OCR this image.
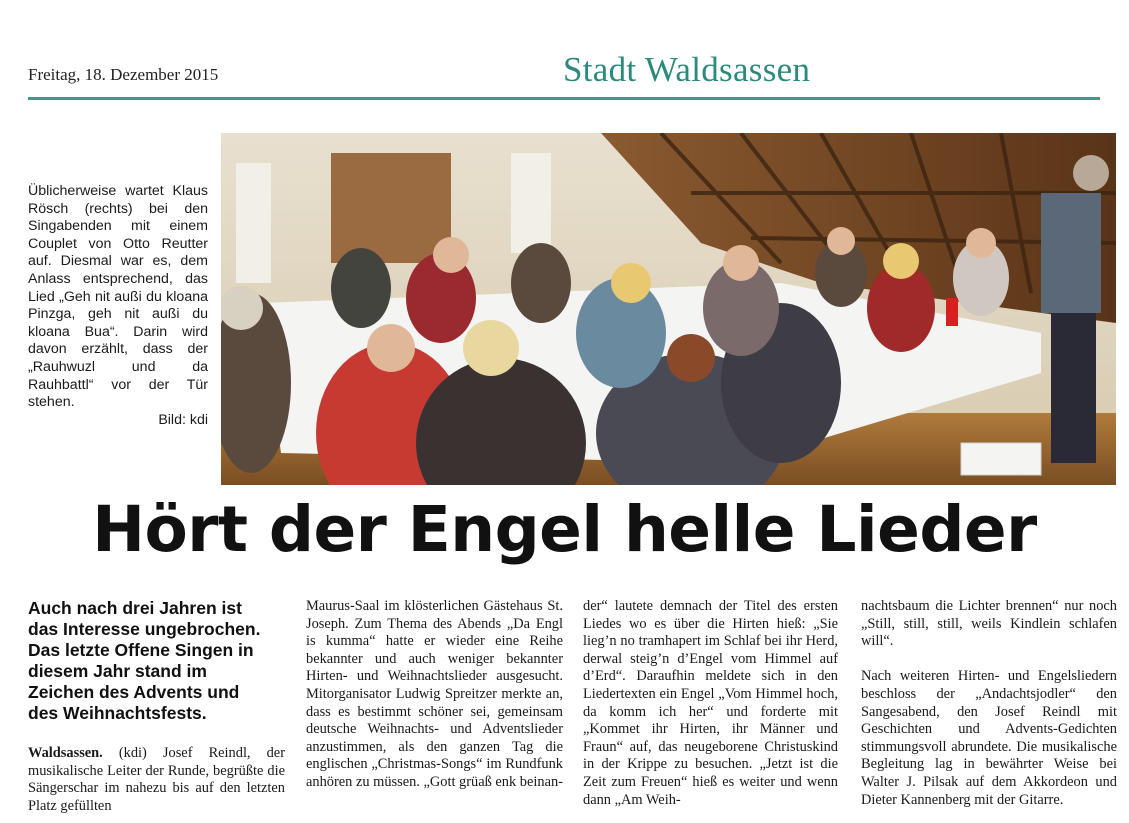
Freitag, 18. Dezember 2015	Stadt Waldsassen
Üblicherweise wartet Klaus Rösch (rechts) bei den Singabenden mit einem Couplet von Otto Reutter auf. Diesmal war es, dem Anlass entsprechend, das Lied „Geh nit außi du kloana Pinzga, geh nit außi du kloana Bua“. Darin wird davon erzählt, dass der „Rauhwuzl und da Rauhbattl“ vor der Tür stehen.
Bild: kdi
Hört der Engel helle Lieder
Auch nach drei Jahren ist das Interesse ungebrochen. Das letzte Offene Singen in diesem Jahr stand im Zeichen des Advents und des Weihnachtsfests.
Waldsassen. (kdi) Josef Reindl, der musikalische Leiter der Runde, begrüßte die Sängerschar im nahezu bis auf den letzten Platz gefüllten
Maurus-Saal im klösterlichen Gästehaus St. Joseph. Zum Thema des Abends „Da Engl is kumma“ hatte er wieder eine Reihe bekannter und auch weniger bekannter Hirten- und Weihnachtslieder ausgesucht. Mitorganisator Ludwig Spreitzer merkte an, dass es bestimmt schöner sei, gemeinsam deutsche Weihnachts- und Adventslieder anzustimmen, als den ganzen Tag die englischen „Christmas-Songs“ im Rundfunk anhören zu müssen. „Gott grüaß enk beinan-
der“ lautete demnach der Titel des ersten Liedes wo es über die Hirten hieß: „Sie lieg’n no tramhapert im Schlaf bei ihr Herd, derwal steig’n d’Engel vom Himmel auf d’Erd“. Daraufhin meldete sich in den Liedertexten ein Engel „Vom Himmel hoch, da komm ich her“ und forderte mit „Kommet ihr Hirten, ihr Männer und Fraun“ auf, das neugeborene Christuskind in der Krippe zu besuchen. „Jetzt ist die Zeit zum Freuen“ hieß es weiter und wenn dann „Am Weih-

nachtsbaum die Lichter brennen“ nur noch „Still, still, still, weils Kindlein schlafen will“.

Nach weiteren Hirten- und Engelsliedern beschloss der „Andachtsjodler“ den Sangesabend, den Josef Reindl mit Geschichten und Advents-Gedichten stimmungsvoll abrundete. Die musikalische Begleitung lag in bewährter Weise bei Walter J. Pilsak auf dem Akkordeon und Dieter Kannenberg mit der Gitarre.
